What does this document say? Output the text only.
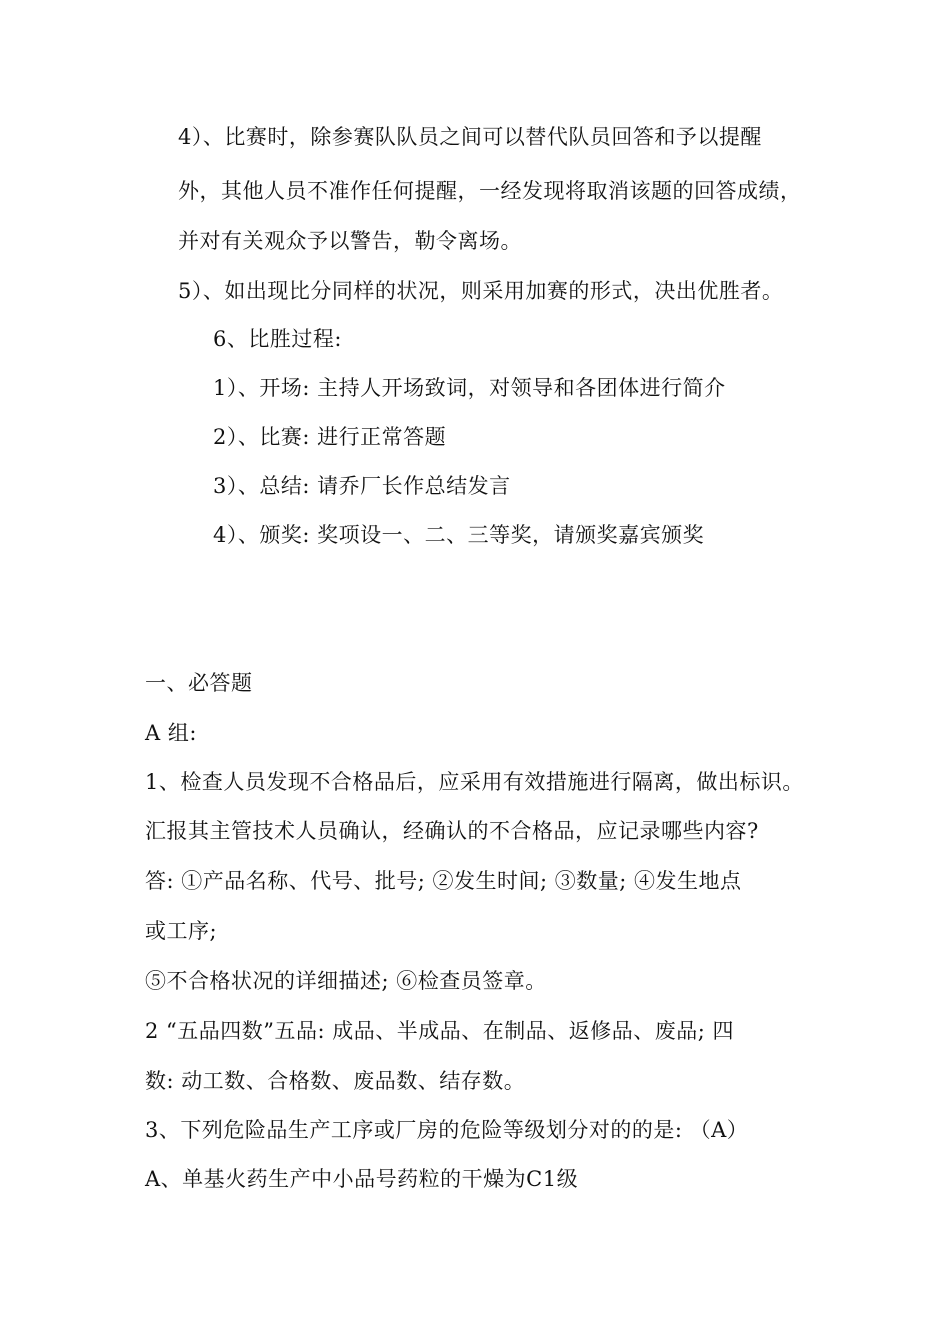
4）、比赛时，除参赛队队员之间可以替代队员回答和予以提醒
外，其他人员不准作任何提醒，一经发现将取消该题的回答成绩，
并对有关观众予以警告，勒令离场。
5）、如出现比分同样的状况，则采用加赛的形式，决出优胜者。
6、比胜过程:
1）、开场: 主持人开场致词，对领导和各团体进行简介
2）、比赛: 进行正常答题
3）、总结: 请乔厂长作总结发言
4）、颁奖: 奖项设一、二、三等奖，请颁奖嘉宾颁奖
一、必答题
A 组:
1、检查人员发现不合格品后，应采用有效措施进行隔离，做出标识。
汇报其主管技术人员确认，经确认的不合格品，应记录哪些内容?
答: ①产品名称、代号、批号; ②发生时间; ③数量; ④发生地点
或工序;
⑤不合格状况的详细描述; ⑥检查员签章。
2 “五品四数”五品: 成品、半成品、在制品、返修品、废品; 四
数: 动工数、合格数、废品数、结存数。
3、下列危险品生产工序或厂房的危险等级划分对的的是: （A）
A、单基火药生产中小品号药粒的干燥为C1级
